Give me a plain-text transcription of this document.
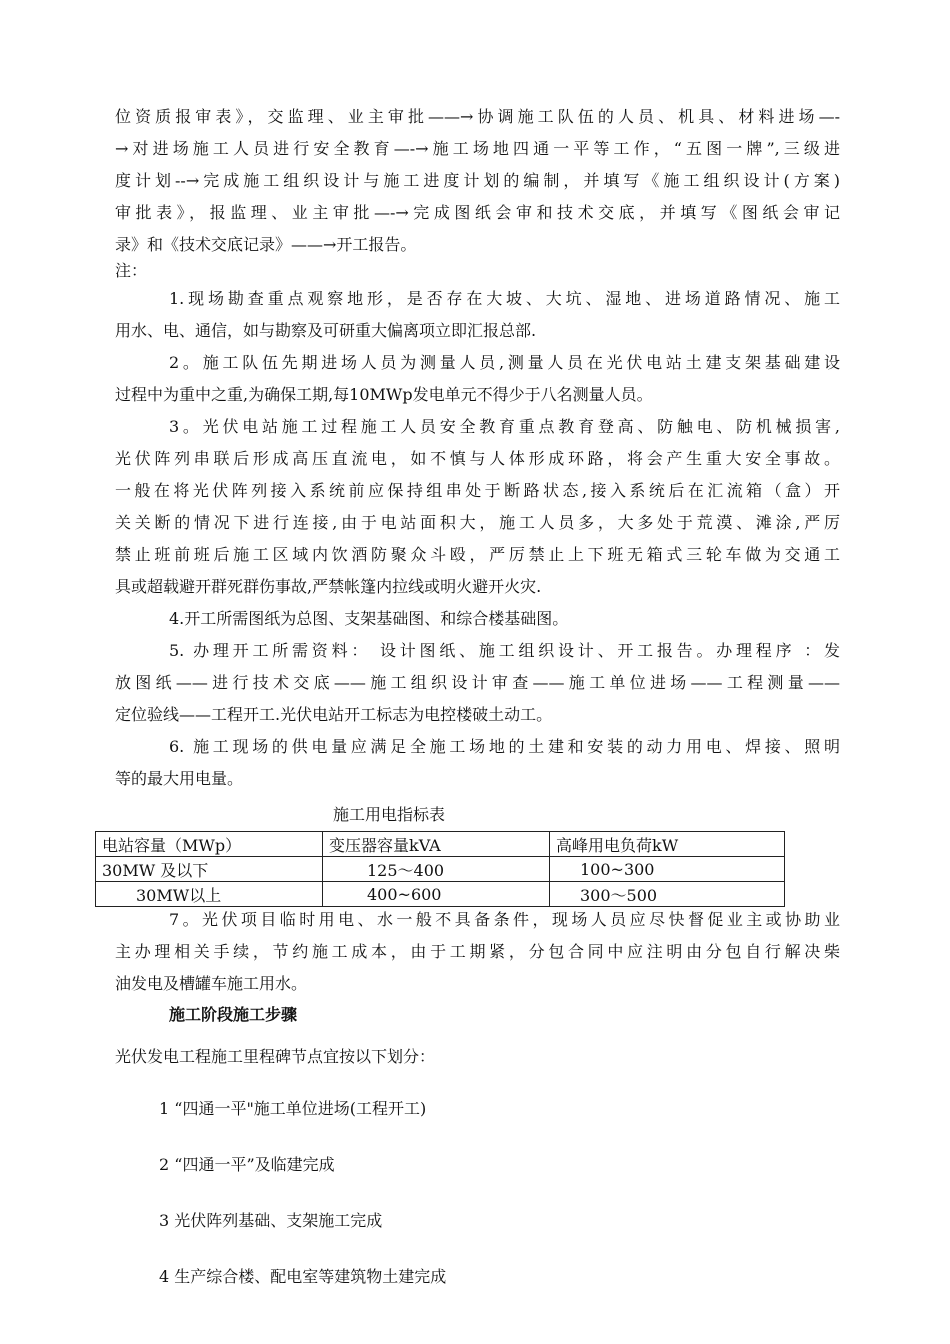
位资质报审表》，交监理、业主审批——→协调施工队伍的人员、机具、材料进场—-
→对进场施工人员进行安全教育—-→施工场地四通一平等工作，“五图一牌”,三级进
度计划--→完成施工组织设计与施工进度计划的编制，并填写《施工组织设计(方案)
审批表》，报监理、业主审批—-→完成图纸会审和技术交底，并填写《图纸会审记
录》和《技术交底记录》——→开工报告。
注：
1.现场勘查重点观察地形，是否存在大坡、大坑、湿地、进场道路情况、施工
用水、电、通信，如与勘察及可研重大偏离项立即汇报总部.
2。施工队伍先期进场人员为测量人员,测量人员在光伏电站土建支架基础建设
过程中为重中之重,为确保工期,每10MWp发电单元不得少于八名测量人员。
3。光伏电站施工过程施工人员安全教育重点教育登高、防触电、防机械损害,
光伏阵列串联后形成高压直流电，如不慎与人体形成环路，将会产生重大安全事故。
一般在将光伏阵列接入系统前应保持组串处于断路状态,接入系统后在汇流箱（盒）开
关关断的情况下进行连接,由于电站面积大，施工人员多，大多处于荒漠、滩涂,严厉
禁止班前班后施工区域内饮酒防聚众斗殴，严厉禁止上下班无箱式三轮车做为交通工
具或超载避开群死群伤事故,严禁帐篷内拉线或明火避开火灾.
4.开工所需图纸为总图、支架基础图、和综合楼基础图。
5. 办理开工所需资料： 设计图纸、施工组织设计、开工报告。办理程序 ：发
放图纸——进行技术交底——施工组织设计审查——施工单位进场——工程测量——
定位验线——工程开工.光伏电站开工标志为电控楼破土动工。
施工用电指标表
电站容量（MWp）	变压器容量kVA	高峰用电负荷kW
30MW 及以下	125～400	100~300
30MW以上	400~600	300～500
7。光伏项目临时用电、水一般不具备条件，现场人员应尽快督促业主或协助业
主办理相关手续，节约施工成本，由于工期紧，分包合同中应注明由分包自行解决柴
油发电及槽罐车施工用水。
施工阶段施工步骤
光伏发电工程施工里程碑节点宜按以下划分：
1 “四通一平"施工单位进场(工程开工)
2 “四通一平”及临建完成
3 光伏阵列基础、支架施工完成
4 生产综合楼、配电室等建筑物土建完成
6. 施工现场的供电量应满足全施工场地的土建和安装的动力用电、焊接、照明
等的最大用电量。
